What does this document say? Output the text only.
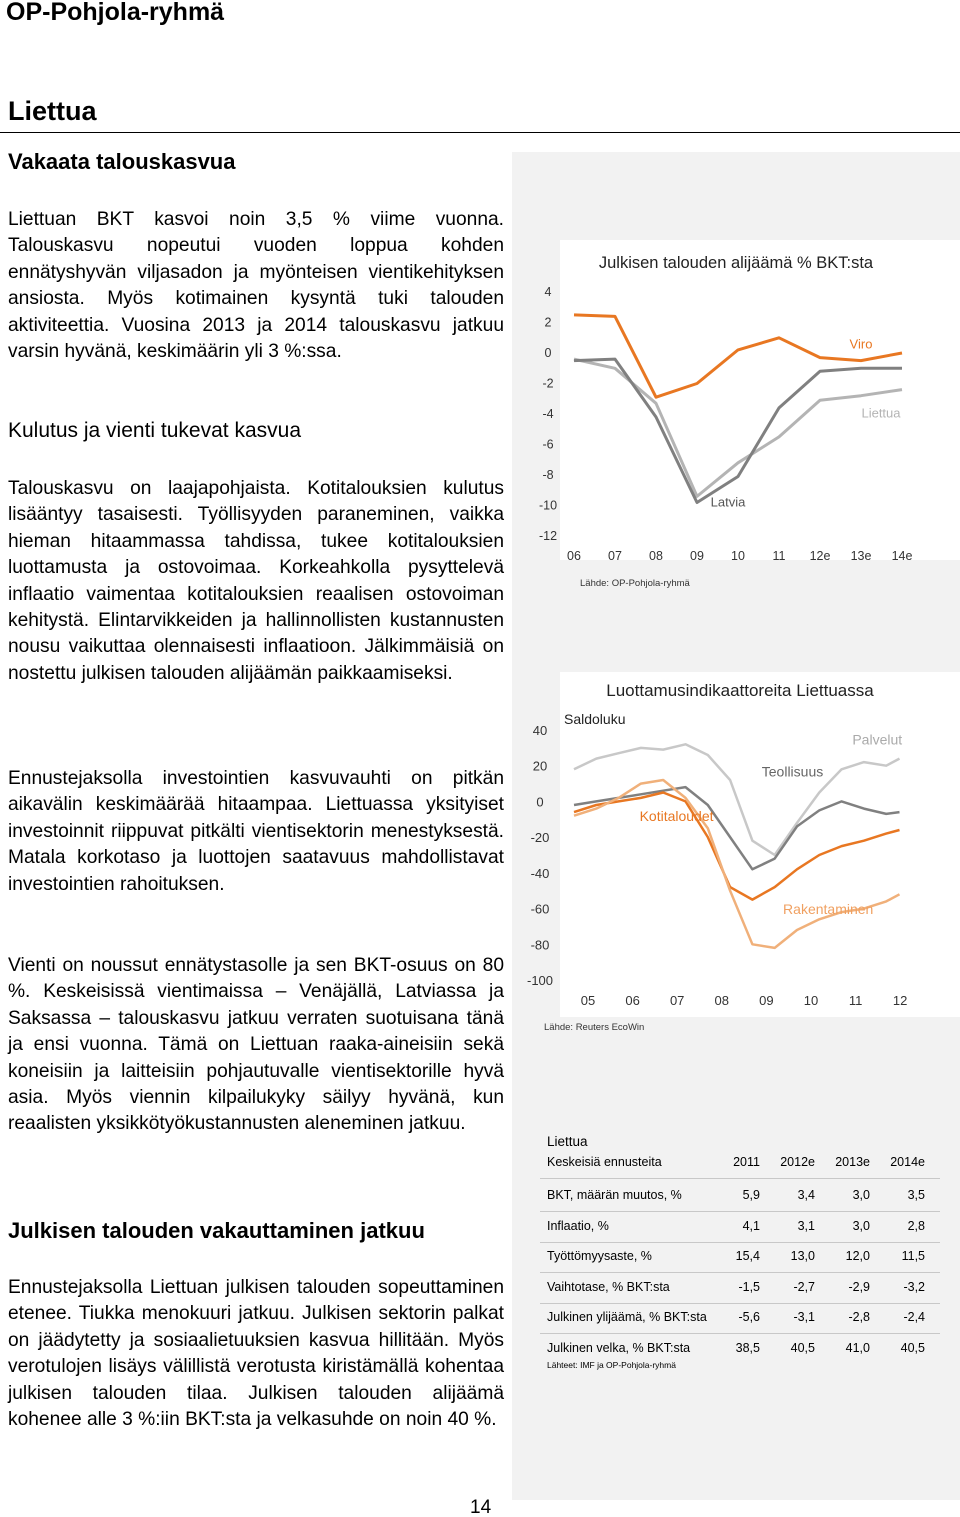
OP-Pohjola-ryhmä
Liettua
Vakaata talouskasvua

Liettuan BKT kasvoi noin 3,5 % viime vuonna. Talouskasvu nopeutui vuoden loppua kohden ennätyshyvän viljasadon ja myönteisen vientikehityksen ansiosta. Myös kotimainen kysyntä tuki talouden aktiviteettia. Vuosina 2013 ja 2014 talouskasvu jatkuu varsin hyvänä, keskimäärin yli 3 %:ssa.

Kulutus ja vienti tukevat kasvua

Talouskasvu on laajapohjaista. Kotitalouksien kulutus lisääntyy tasaisesti. Työllisyyden paraneminen, vaikka hieman hitaammassa tahdissa, tukee kotitalouksien luottamusta ja ostovoimaa. Korkeahkolla pysyttelevä inflaatio vaimentaa kotitalouksien reaalisen ostovoiman kehitystä. Elintarvikkeiden ja hallinnollisten kustannusten nousu vaikuttaa olennaisesti inflaatioon. Jälkimmäisiä on nostettu julkisen talouden alijäämän paikkaamiseksi.

Ennustejaksolla investointien kasvuvauhti on pitkän aikavälin keskimäärää hitaampaa. Liettuassa yksityiset investoinnit riippuvat pitkälti vientisektorin menestyksestä. Matala korkotaso ja luottojen saatavuus mahdollistavat investointien rahoituksen.

Vienti on noussut ennätystasolle ja sen BKT-osuus on 80 %. Keskeisissä vientimaissa – Venäjällä, Latviassa ja Saksassa – talouskasvu jatkuu verraten suotuisana tänä ja ensi vuonna. Tämä on Liettuan raaka-aineisiin sekä koneisiin ja laitteisiin pohjautuvalle vientisektorille hyvä asia. Myös viennin kilpailukyky säilyy hyvänä, kun reaalisten yksikkötyökustannusten aleneminen jatkuu.

Julkisen talouden vakauttaminen jatkuu

Ennustejaksolla Liettuan julkisen talouden sopeuttaminen etenee. Tiukka menokuuri jatkuu. Julkisen sektorin palkat on jäädytetty ja sosiaalietuuksien kasvua hillitään. Myös verotulojen lisäys välillistä verotusta kiristämällä kohentaa julkisen talouden tilaa. Julkisen talouden alijäämä kohenee alle 3 %:iin BKT:sta ja velkasuhde on noin 40 %.

Julkisen talouden alijäämä % BKT:sta
4
2
0
-2
-4
-6
-8
-10
-12
06 07 08 09 10 11 12e 13e 14e
Viro
Latvia
Liettua
Lähde: OP-Pohjola-ryhmä
Luottamusindikaattoreita Liettuassa
Saldoluku
40
20
0
-20
-40
-60
-80
-100
05 06 07 08 09 10 11 12
Palvelut
Teollisuus
Kotitaloudet
Rakentaminen
Lähde: Reuters EcoWin
Liettua
Keskeisiä ennusteita	2011	2012e	2013e	2014e
BKT, määrän muutos, %	5,9	3,4	3,0	3,5
Inflaatio, %	4,1	3,1	3,0	2,8
Työttömyysaste, %	15,4	13,0	12,0	11,5
Vaihtotase, % BKT:sta	-1,5	-2,7	-2,9	-3,2
Julkinen ylijäämä, % BKT:sta	-5,6	-3,1	-2,8	-2,4
Julkinen velka, % BKT:sta	38,5	40,5	41,0	40,5
Lähteet: IMF ja OP-Pohjola-ryhmä
14
